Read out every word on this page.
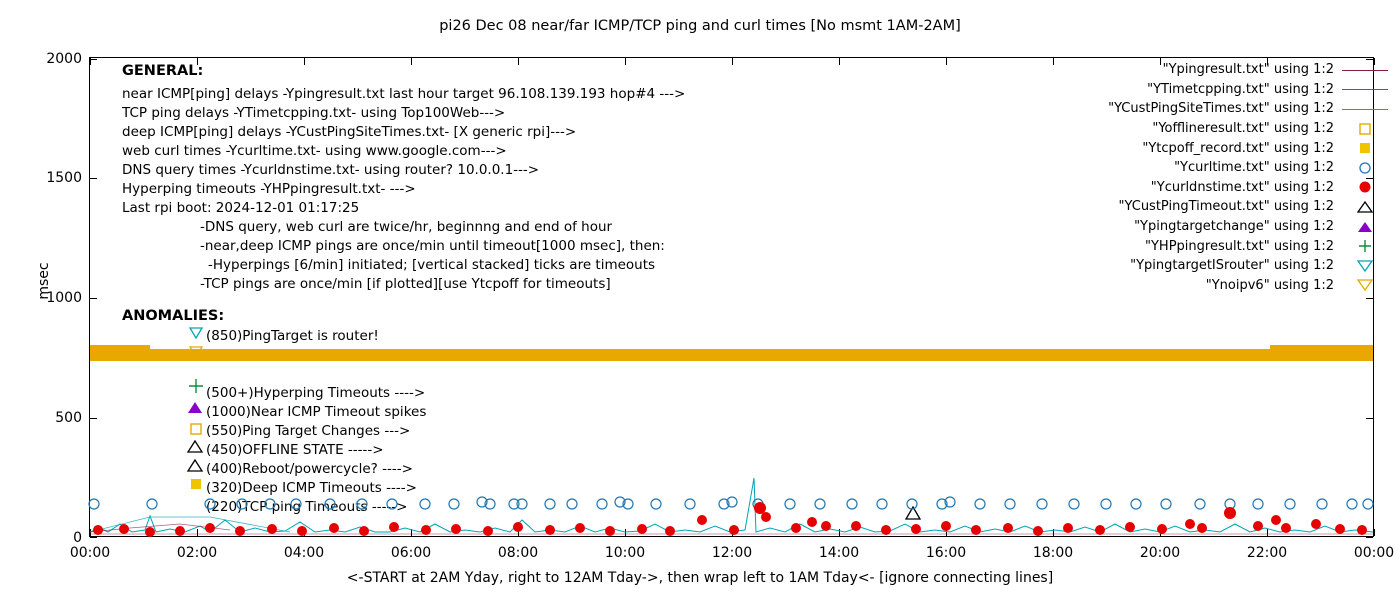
pi26 Dec 08 near/far ICMP/TCP ping and curl times [No msmt 1AM-2AM]
msec
0
500
1000
1500
2000
00:00	02:00	04:00	06:00	08:00	10:00	12:00	14:00	16:00	18:00	20:00	22:00	00:00
GENERAL:
near ICMP[ping] delays -Ypingresult.txt last hour target 96.108.139.193 hop#4 --->
TCP ping delays -YTimetcpping.txt- using Top100Web--->
deep ICMP[ping] delays -YCustPingSiteTimes.txt- [X generic rpi]--->
web curl times -Ycurltime.txt- using www.google.com--->
DNS query times -Ycurldnstime.txt- using router? 10.0.0.1--->
Hyperping timeouts -YHPpingresult.txt- --->
Last rpi boot: 2024-12-01 01:17:25
-DNS query, web curl are twice/hr, beginnng and end of hour
-near,deep ICMP pings are once/min until timeout[1000 msec], then:
-Hyperpings [6/min] initiated; [vertical stacked] ticks are timeouts
-TCP pings are once/min [if plotted][use Ytcpoff for timeouts]
ANOMALIES:
(850)PingTarget is router!
(500+)Hyperping Timeouts ---->
(1000)Near ICMP Timeout spikes
(550)Ping Target Changes --->
(450)OFFLINE STATE ----->
(400)Reboot/powercycle? ---->
(320)Deep ICMP Timeouts ---->
(220)TCP ping Timeouts ----->
<-START at 2AM Yday, right to 12AM Tday->, then wrap left to 1AM Tday<- [ignore connecting lines]
"Ypingresult.txt" using 1:2
"YTimetcpping.txt" using 1:2
"YCustPingSiteTimes.txt" using 1:2
"Yofflineresult.txt" using 1:2
"Ytcpoff_record.txt" using 1:2
"Ycurltime.txt" using 1:2
"Ycurldnstime.txt" using 1:2
"YCustPingTimeout.txt" using 1:2
"Ypingtargetchange" using 1:2
"YHPpingresult.txt" using 1:2
"YpingtargetISrouter" using 1:2
"Ynoipv6" using 1:2
